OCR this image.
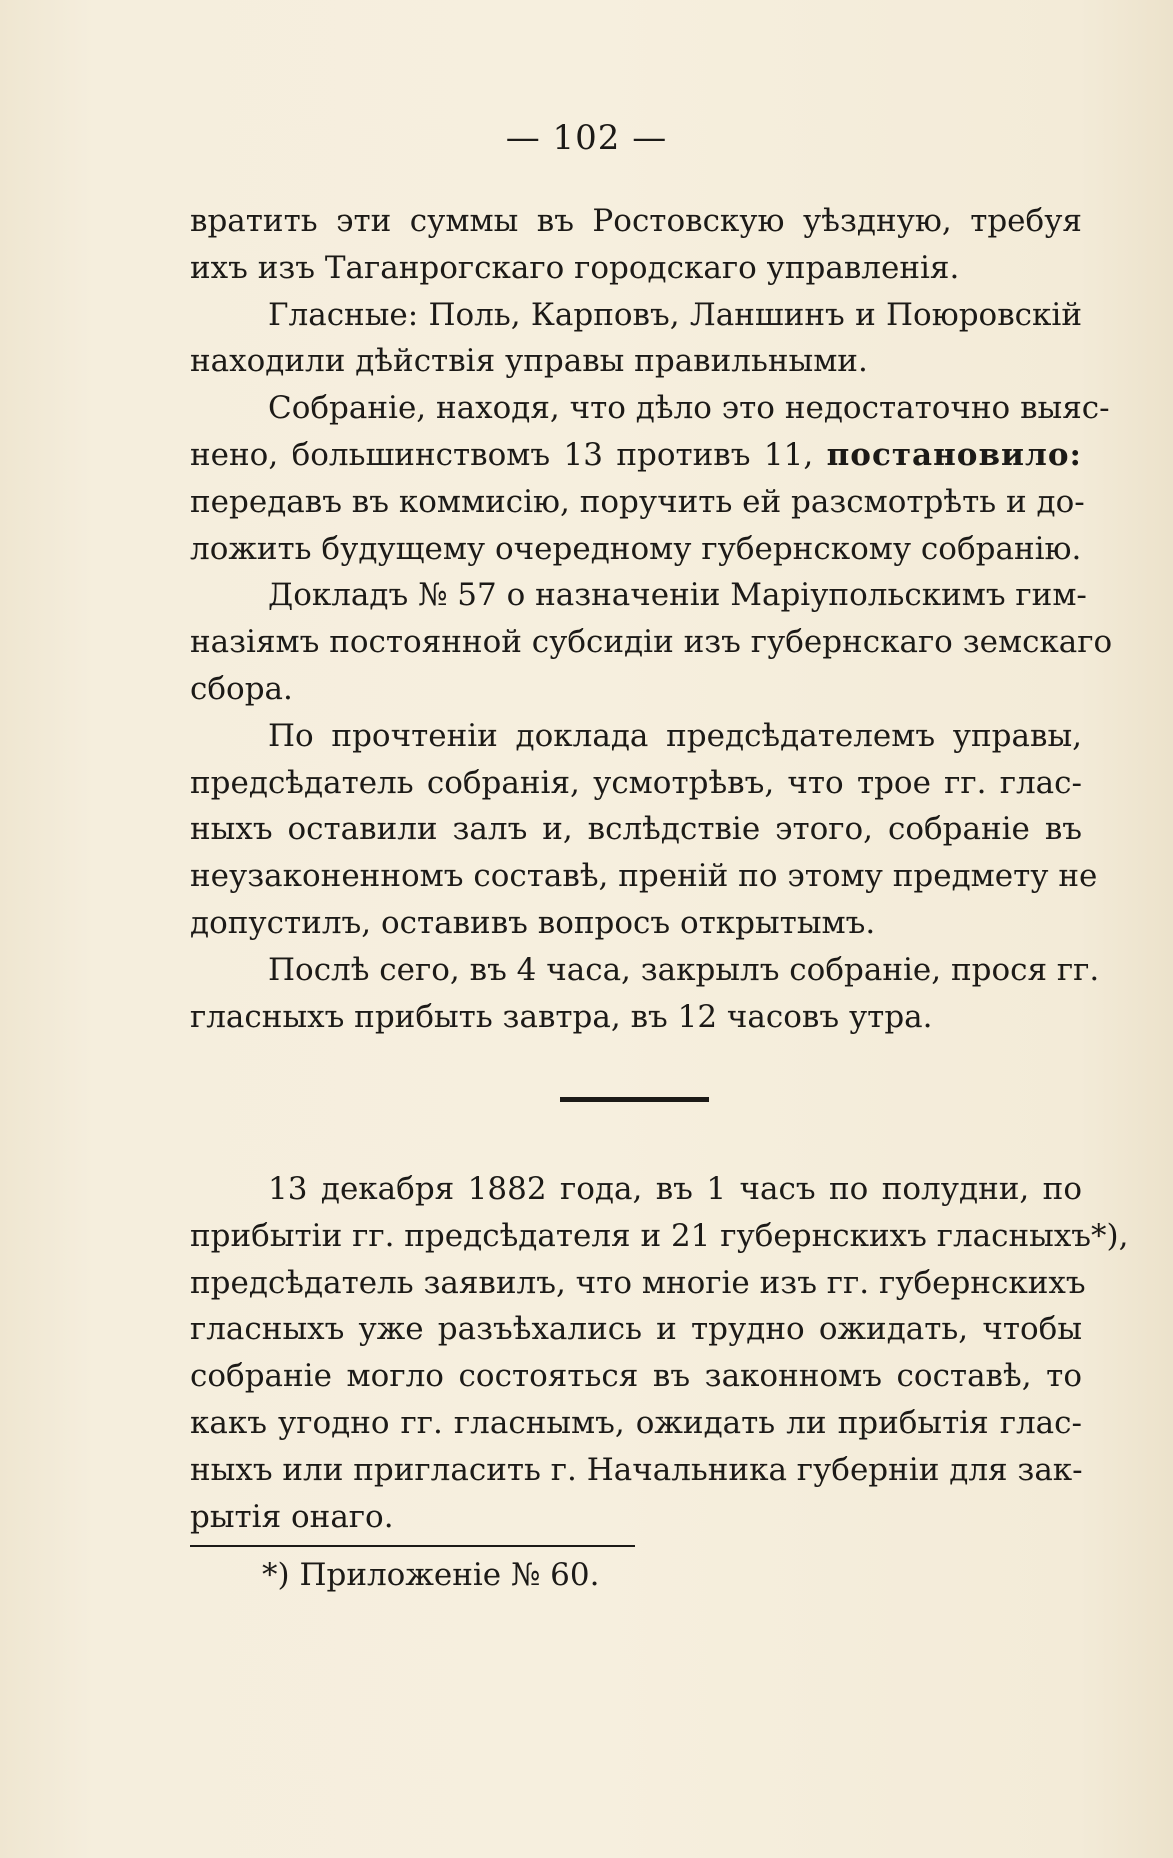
— 102 —
вратить эти суммы въ Ростовскую уѣздную, требуя
ихъ изъ Таганрогскаго городскаго управленія.
Гласные: Поль, Карповъ, Ланшинъ и Поюровскій
находили дѣйствія управы правильными.
Собраніе, находя, что дѣло это недостаточно выяс-
нено, большинствомъ 13 противъ 11, постановило:
передавъ въ коммисію, поручить ей разсмотрѣть и до-
ложить будущему очередному губернскому собранію.
Докладъ № 57 о назначеніи Маріупольскимъ гим-
назіямъ постоянной субсидіи изъ губернскаго земскаго
сбора.
По прочтеніи доклада предсѣдателемъ управы,
предсѣдатель собранія, усмотрѣвъ, что трое гг. глас-
ныхъ оставили залъ и, вслѣдствіе этого, собраніе въ
неузаконенномъ составѣ, преній по этому предмету не
допустилъ, оставивъ вопросъ открытымъ.
Послѣ сего, въ 4 часа, закрылъ собраніе, прося гг.
гласныхъ прибыть завтра, въ 12 часовъ утра.
13 декабря 1882 года, въ 1 часъ по полудни, по
прибытіи гг. предсѣдателя и 21 губернскихъ гласныхъ*),
предсѣдатель заявилъ, что многіе изъ гг. губернскихъ
гласныхъ уже разъѣхались и трудно ожидать, чтобы
собраніе могло состояться въ законномъ составѣ, то
какъ угодно гг. гласнымъ, ожидать ли прибытія глас-
ныхъ или пригласить г. Начальника губерніи для зак-
рытія онаго.
*) Приложеніе № 60.
